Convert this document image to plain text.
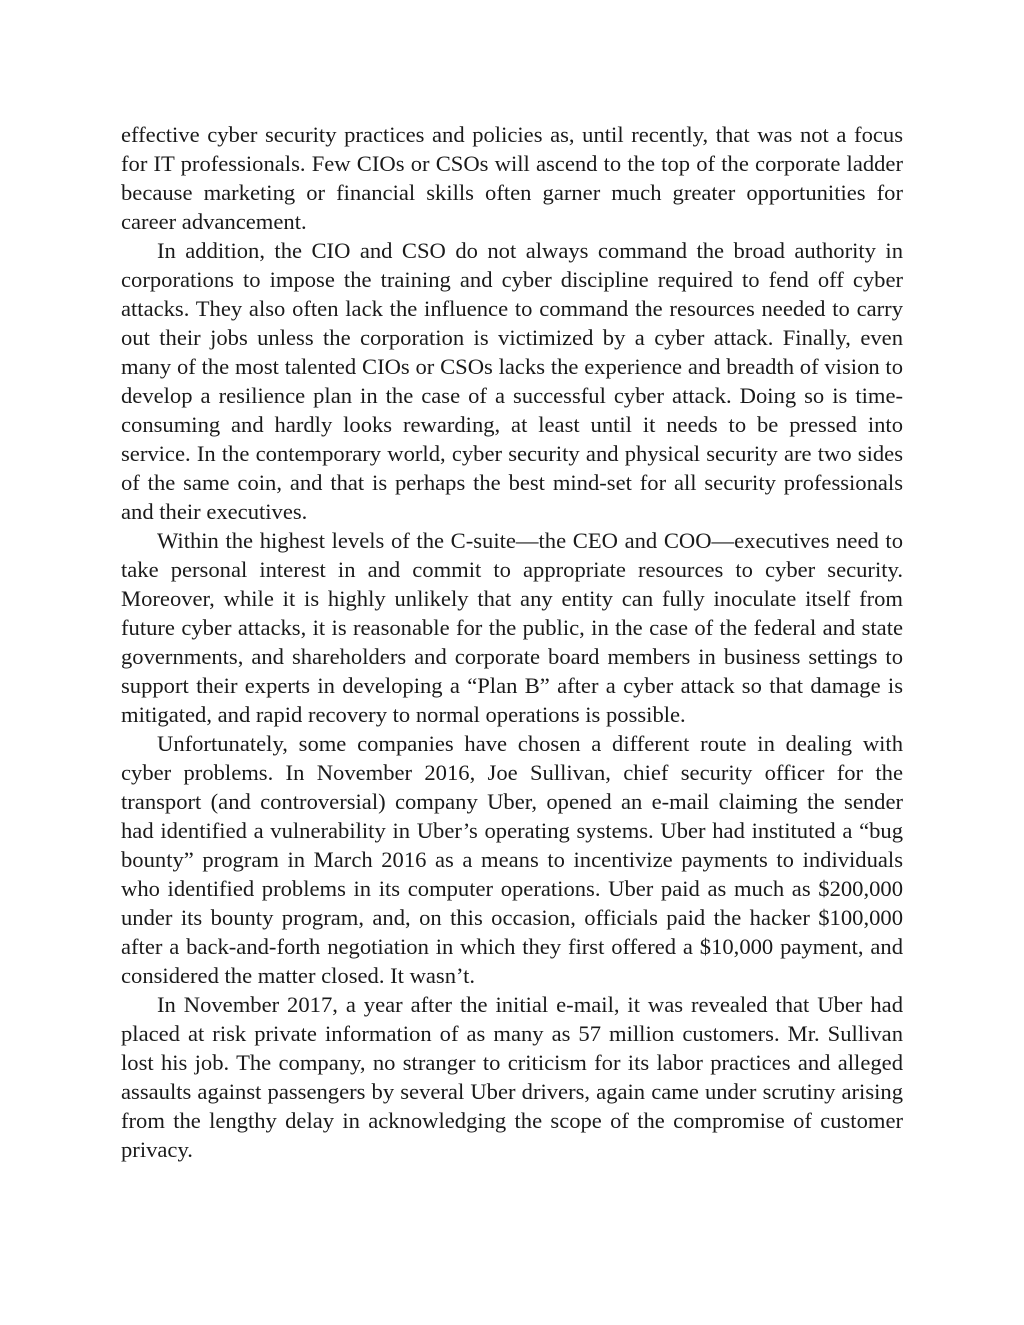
effective cyber security practices and policies as, until recently, that was not a focus for IT professionals. Few CIOs or CSOs will ascend to the top of the corporate ladder because marketing or financial skills often garner much greater opportunities for career advancement.

In addition, the CIO and CSO do not always command the broad authority in corporations to impose the training and cyber discipline required to fend off cyber attacks. They also often lack the influence to command the resources needed to carry out their jobs unless the corporation is victimized by a cyber attack. Finally, even many of the most talented CIOs or CSOs lacks the experience and breadth of vision to develop a resilience plan in the case of a successful cyber attack. Doing so is time-consuming and hardly looks rewarding, at least until it needs to be pressed into service. In the contemporary world, cyber security and physical security are two sides of the same coin, and that is perhaps the best mind-set for all security professionals and their executives.

Within the highest levels of the C-suite—the CEO and COO—executives need to take personal interest in and commit to appropriate resources to cyber security. Moreover, while it is highly unlikely that any entity can fully inoculate itself from future cyber attacks, it is reasonable for the public, in the case of the federal and state governments, and shareholders and corporate board members in business settings to support their experts in developing a “Plan B” after a cyber attack so that damage is mitigated, and rapid recovery to normal operations is possible.

Unfortunately, some companies have chosen a different route in dealing with cyber problems. In November 2016, Joe Sullivan, chief security officer for the transport (and controversial) company Uber, opened an e-mail claiming the sender had identified a vulnerability in Uber’s operating systems. Uber had instituted a “bug bounty” program in March 2016 as a means to incentivize payments to individuals who identified problems in its computer operations. Uber paid as much as $200,000 under its bounty program, and, on this occasion, officials paid the hacker $100,000 after a back-and-forth negotiation in which they first offered a $10,000 payment, and considered the matter closed. It wasn’t.

In November 2017, a year after the initial e-mail, it was revealed that Uber had placed at risk private information of as many as 57 million customers. Mr. Sullivan lost his job. The company, no stranger to criticism for its labor practices and alleged assaults against passengers by several Uber drivers, again came under scrutiny arising from the lengthy delay in acknowledging the scope of the compromise of customer privacy.
